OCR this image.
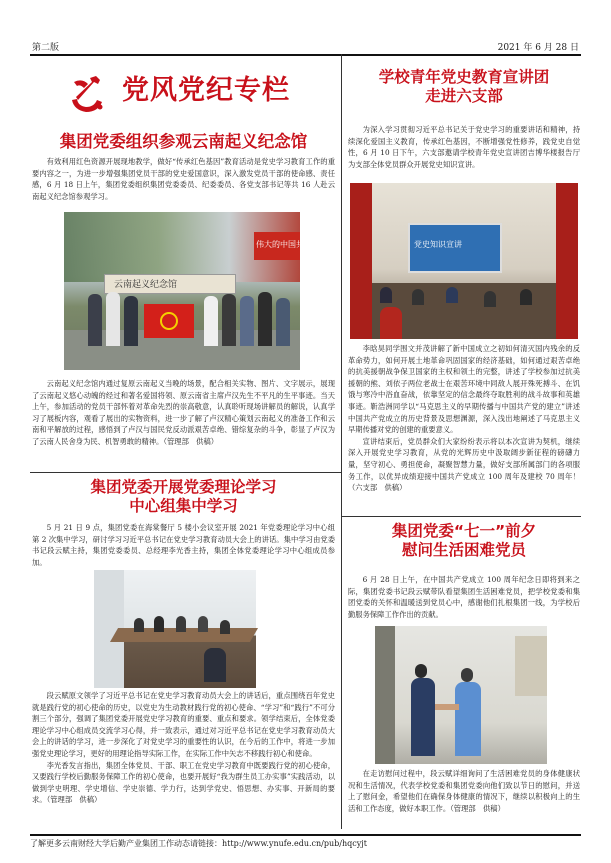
第二版	2021 年 6 月 28 日
党风党纪专栏
集团党委组织参观云南起义纪念馆

有效利用红色资源开展现地教学，做好“传承红色基因”教育活动是党史学习教育工作的重要内容之一，为进一步增强集团党员干部的党史爱国意识，深入激发党员干部的使命感、责任感，6 月 18 日上午，集团党委组织集团党委委员、纪委委员、各党支部书记等共 16 人赴云南起义纪念馆参观学习。

云南起义纪念馆
伟大的中国共产

云南起义纪念馆内通过复原云南起义当晚的场景，配合相关实物、图片、文字展示，展现了云南起义悠心动魄的经过和著名爱国将领、原云南省主席卢汉先生不平凡的生平事迹。当天上午，参加活动的党员干部怀着对革命先烈的崇高敬意，认真聆听现场讲解员的解说，认真学习了展板内容，观看了展出的实物资料，进一步了解了卢汉精心策划云南起义的准备工作和云南和平解放的过程，感悟到了卢汉与国民党反动派艰苦卓绝、错综复杂的斗争，彰显了卢汉为了云南人民舍身为民、机智勇敢的精神。（管理部　供稿）

集团党委开展党委理论学习
中心组集中学习

5 月 21 日 9 点，集团党委在海棠餐厅 5 楼小会议室开展 2021 年党委理论学习中心组第 2 次集中学习，研讨学习习近平总书记在党史学习教育动员大会上的讲话。集中学习由党委书记段云赋主持，集团党委委员、总经理李光香主持，集团全体党委理论学习中心组成员参加。

段云赋原文领学了习近平总书记在党史学习教育动员大会上的讲话后，重点围绕百年党史就是践行党的初心使命的历史，以党史为生动教材践行党的初心使命、“学习”和“践行”不可分割三个部分，强调了集团党委开展党史学习教育的重要、重点和要求。领学结束后，全体党委理论学习中心组成员交流学习心得，并一致表示，通过对习近平总书记在党史学习教育动员大会上的讲话的学习，进一步深化了对党史学习的重要性的认识，在今后的工作中，将进一步加强党史理论学习，更好的用理论指导实际工作，在实际工作中矢志不移践行初心和使命。

李光香发言指出，集团全体党员、干部、职工在党史学习教育中既要践行党的初心使命，又要践行学校后勤服务保障工作的初心使命，也要开展好“我为群生员工办实事”实践活动，以做到学史明理、学史增信、学史崇德、学力行，达到学党史、悟思想、办实事、开新局的要求。（管理部　供稿）

学校青年党史教育宣讲团
走进六支部

为深入学习贯彻习近平总书记关于党史学习的重要讲话和精神，持续深化爱国主义教育，传承红色基因，不断增强党性修养，践党史自觉性，6 月 10 日下午，六支部邀请学校青年党史宣讲团吉博华楼报告厅为支部全体党员群众开展党史知识宣讲。

党史知识宣讲

李晗昊同学围文并茂讲解了新中国成立之初如何清灭国内残余的反革命势力，如何开展土地革命巩固国家的经济基础，如何通过艰苦卓绝的抗美援朝战争保卫国家的主权和领土的完整，讲述了学校参加过抗美援朝的熊、刘依子两位老战士在艰苦环境中同敌人展开殊死搏斗、在饥饿与寒冷中浴血奋战，依靠坚定的信念最终夺取胜利的战斗故事和英雄事迹。靳浩洲同学以“马克思主义的早期传播与中国共产党的建立”讲述中国共产党成立的历史背景及思想渊源，深入浅出地阐述了马克思主义早期传播对党的创建的重要意义。

宣讲结束后，党员群众们大家纷纷表示将以本次宣讲为契机，继续深入开展党史学习教育，从党的光辉历史中汲取阔步新征程的磅礴力量，坚守初心、勇担使命，凝聚智慧力量，做好支部所属部门的各项服务工作，以优异成绩迎接中国共产党成立 100 周年及建校 70 周年！（六支部　供稿）

集团党委“七一”前夕
慰问生活困难党员

6 月 28 日上午，在中国共产党成立 100 周年纪念日即将到来之际，集团党委书记段云赋带队看望集团生活困难党员，把学校党委和集团党委的关怀和温暖送到党员心中，感谢他们扎根集团一线，为学校后勤服务保障工作作出的贡献。

在走访慰问过程中，段云赋详细询问了生活困难党员的身体健康状况和生活情况，代表学校党委和集团党委向他们致以节日的慰问，并送上了慰问金，希望他们在确保身体健康的情况下，继续以积极向上的生活和工作态度，做好本职工作。（管理部　供稿）

了解更多云南财经大学后勤产业集团工作动态请链接：http://www.ynufe.edu.cn/pub/hqcyjt
